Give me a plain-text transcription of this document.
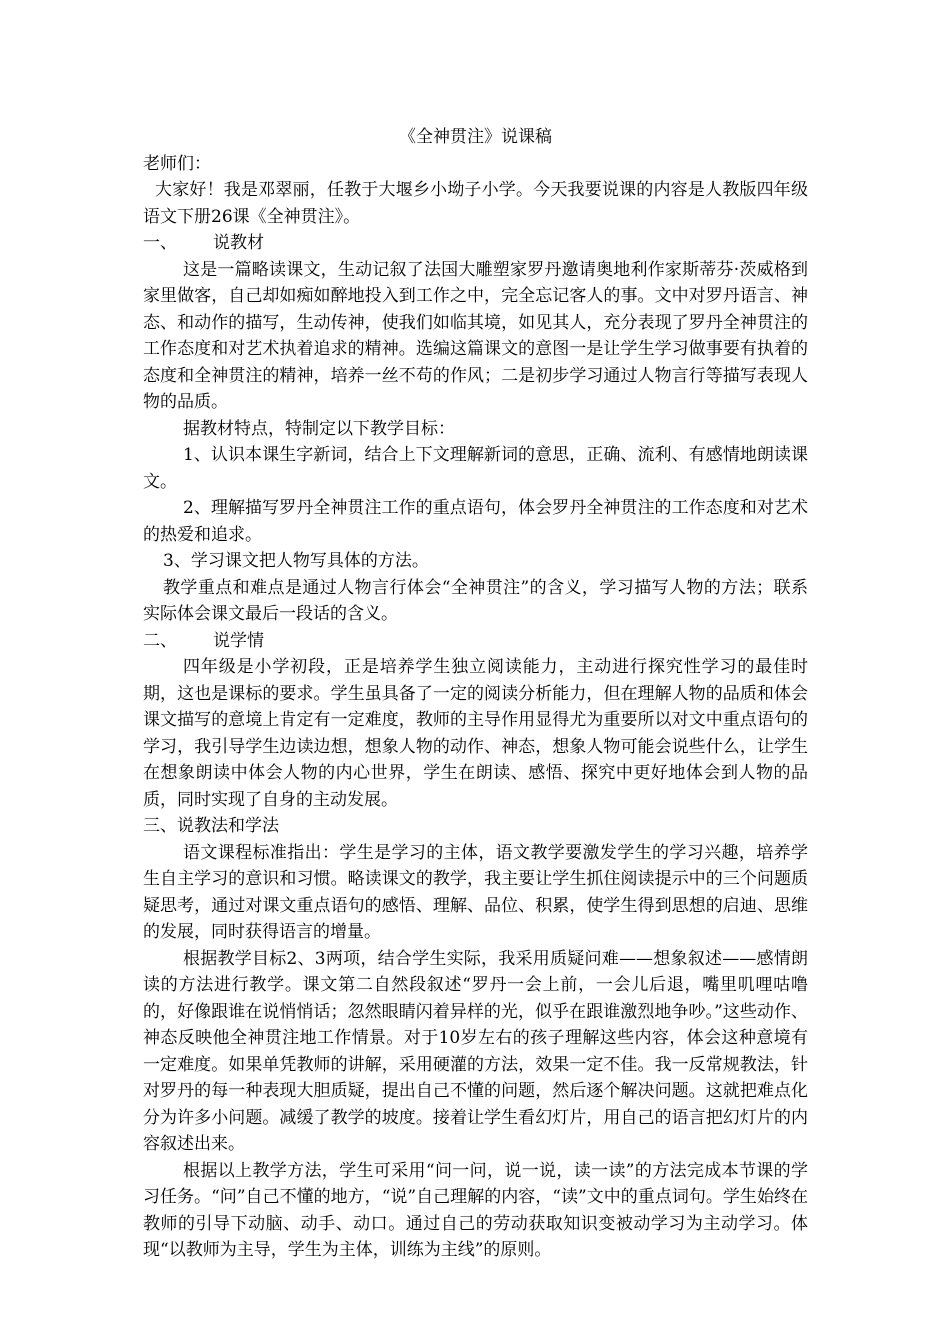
《全神贯注》说课稿

老师们：

大家好！我是邓翠丽，任教于大堰乡小坳子小学。今天我要说课的内容是人教版四年级语文下册26课《全神贯注》。

一、 说教材

这是一篇略读课文，生动记叙了法国大雕塑家罗丹邀请奥地利作家斯蒂芬·茨威格到家里做客，自己却如痴如醉地投入到工作之中，完全忘记客人的事。文中对罗丹语言、神态、和动作的描写，生动传神，使我们如临其境，如见其人，充分表现了罗丹全神贯注的工作态度和对艺术执着追求的精神。选编这篇课文的意图一是让学生学习做事要有执着的态度和全神贯注的精神，培养一丝不苟的作风；二是初步学习通过人物言行等描写表现人物的品质。

据教材特点，特制定以下教学目标：

1、认识本课生字新词，结合上下文理解新词的意思，正确、流利、有感情地朗读课文。

2、理解描写罗丹全神贯注工作的重点语句，体会罗丹全神贯注的工作态度和对艺术的热爱和追求。

3、学习课文把人物写具体的方法。

教学重点和难点是通过人物言行体会“全神贯注”的含义，学习描写人物的方法；联系实际体会课文最后一段话的含义。

二、 说学情

四年级是小学初段，正是培养学生独立阅读能力，主动进行探究性学习的最佳时期，这也是课标的要求。学生虽具备了一定的阅读分析能力，但在理解人物的品质和体会课文描写的意境上肯定有一定难度，教师的主导作用显得尤为重要所以对文中重点语句的学习，我引导学生边读边想，想象人物的动作、神态，想象人物可能会说些什么，让学生在想象朗读中体会人物的内心世界，学生在朗读、感悟、探究中更好地体会到人物的品质，同时实现了自身的主动发展。

三、说教法和学法

语文课程标准指出：学生是学习的主体，语文教学要激发学生的学习兴趣，培养学生自主学习的意识和习惯。略读课文的教学，我主要让学生抓住阅读提示中的三个问题质疑思考，通过对课文重点语句的感悟、理解、品位、积累，使学生得到思想的启迪、思维的发展，同时获得语言的增量。

根据教学目标2、3两项，结合学生实际，我采用质疑问难——想象叙述——感情朗读的方法进行教学。课文第二自然段叙述“罗丹一会上前，一会儿后退，嘴里叽哩咕噜的，好像跟谁在说悄悄话；忽然眼睛闪着异样的光，似乎在跟谁激烈地争吵。”这些动作、神态反映他全神贯注地工作情景。对于10岁左右的孩子理解这些内容，体会这种意境有一定难度。如果单凭教师的讲解，采用硬灌的方法，效果一定不佳。我一反常规教法，针对罗丹的每一种表现大胆质疑，提出自己不懂的问题，然后逐个解决问题。这就把难点化分为许多小问题。减缓了教学的坡度。接着让学生看幻灯片，用自己的语言把幻灯片的内容叙述出来。

根据以上教学方法，学生可采用“问一问，说一说，读一读”的方法完成本节课的学习任务。“问”自己不懂的地方，“说”自己理解的内容，“读”文中的重点词句。学生始终在教师的引导下动脑、动手、动口。通过自己的劳动获取知识变被动学习为主动学习。体现“以教师为主导，学生为主体，训练为主线”的原则。
